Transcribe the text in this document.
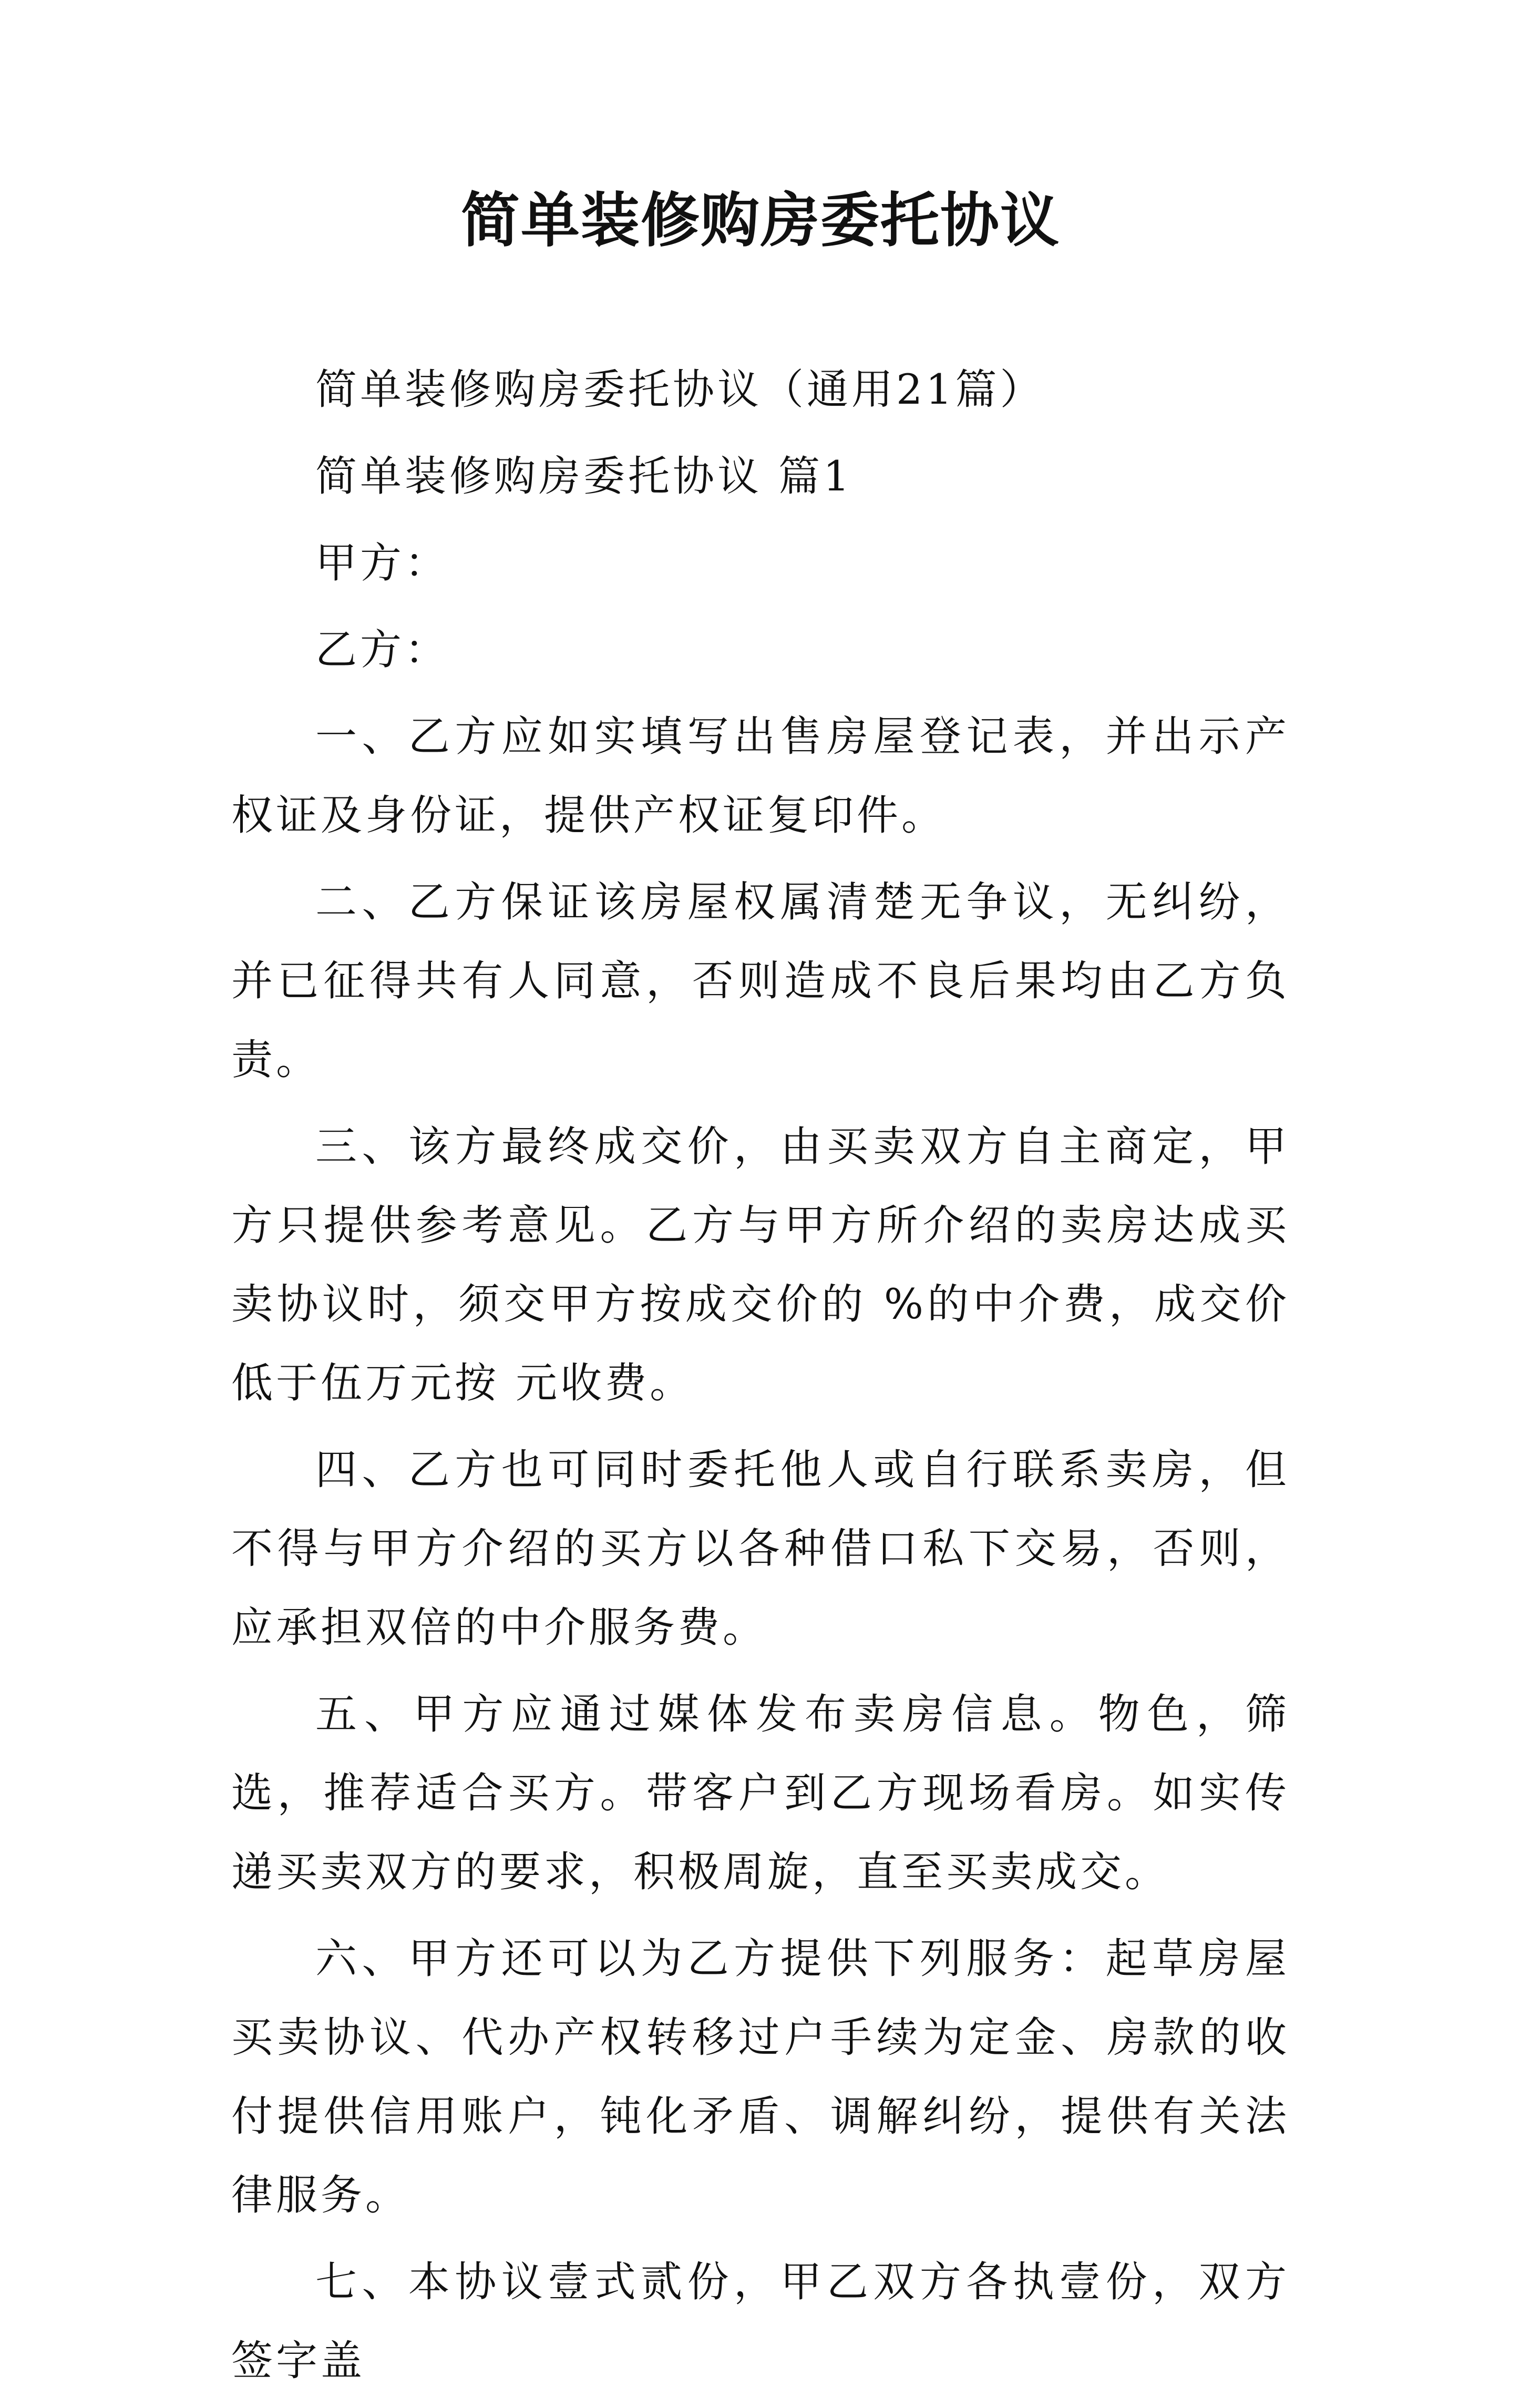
简单装修购房委托协议

简单装修购房委托协议（通用21篇）

简单装修购房委托协议 篇1

甲方：

乙方：

一、乙方应如实填写出售房屋登记表，并出示产权证及身份证，提供产权证复印件。

二、乙方保证该房屋权属清楚无争议，无纠纷，并已征得共有人同意，否则造成不良后果均由乙方负责。

三、该方最终成交价，由买卖双方自主商定，甲方只提供参考意见。乙方与甲方所介绍的卖房达成买卖协议时，须交甲方按成交价的 %的中介费，成交价低于伍万元按 元收费。

四、乙方也可同时委托他人或自行联系卖房，但不得与甲方介绍的买方以各种借口私下交易，否则，应承担双倍的中介服务费。

五、甲方应通过媒体发布卖房信息。物色，筛选，推荐适合买方。带客户到乙方现场看房。如实传递买卖双方的要求，积极周旋，直至买卖成交。

六、甲方还可以为乙方提供下列服务：起草房屋买卖协议、代办产权转移过户手续为定金、房款的收付提供信用账户，钝化矛盾、调解纠纷，提供有关法律服务。

七、本协议壹式贰份，甲乙双方各执壹份，双方签字盖
